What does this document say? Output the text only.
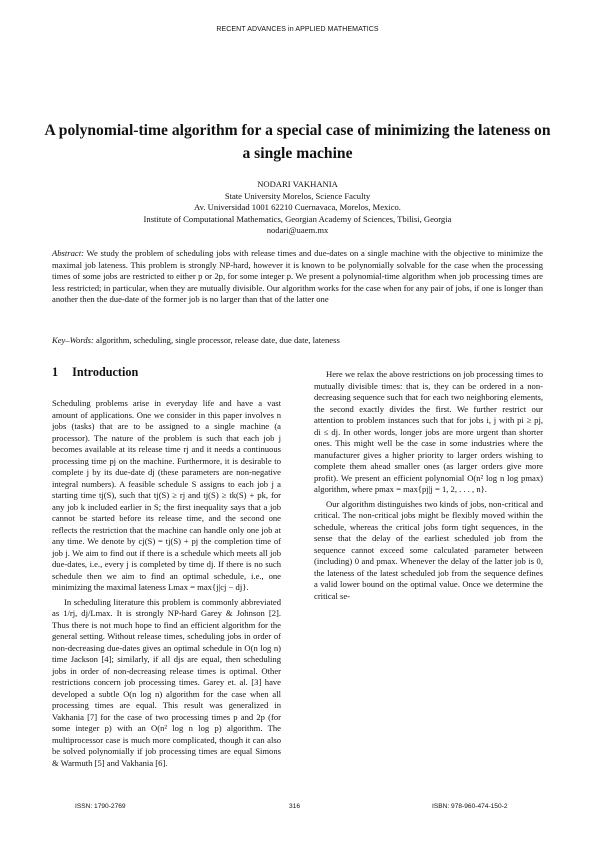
RECENT ADVANCES in APPLIED MATHEMATICS
A polynomial-time algorithm for a special case of minimizing the lateness on a single machine
NODARI VAKHANIA
State University Morelos, Science Faculty
Av. Universidad 1001 62210 Cuernavaca, Morelos, Mexico.
Institute of Computational Mathematics, Georgian Academy of Sciences, Tbilisi, Georgia
nodari@uaem.mx

Abstract: We study the problem of scheduling jobs with release times and due-dates on a single machine with the objective to minimize the maximal job lateness. This problem is strongly NP-hard, however it is known to be polynomially solvable for the case when the processing times of some jobs are restricted to either p or 2p, for some integer p. We present a polynomial-time algorithm when job processing times are less restricted; in particular, when they are mutually divisible. Our algorithm works for the case when for any pair of jobs, if one is longer than another then the due-date of the former job is no larger than that of the latter one

Key–Words: algorithm, scheduling, single processor, release date, due date, lateness

1 Introduction

Scheduling problems arise in everyday life and have a vast amount of applications. One we consider in this paper involves n jobs (tasks) that are to be assigned to a single machine (a processor). The nature of the problem is such that each job j becomes available at its release time rj and it needs a continuous processing time pj on the machine. Furthermore, it is desirable to complete j by its due-date dj (these parameters are non-negative integral numbers). A feasible schedule S assigns to each job j a starting time tj(S), such that tj(S) ≥ rj and tj(S) ≥ tk(S) + pk, for any job k included earlier in S; the first inequality says that a job cannot be started before its release time, and the second one reflects the restriction that the machine can handle only one job at any time. We denote by cj(S) = tj(S) + pj the completion time of job j. We aim to find out if there is a schedule which meets all job due-dates, i.e., every j is completed by time dj. If there is no such schedule then we aim to find an optimal schedule, i.e., one minimizing the maximal lateness Lmax = max{j|cj − dj}.

In scheduling literature this problem is commonly abbreviated as 1/rj, dj/Lmax. It is strongly NP-hard Garey & Johnson [2]. Thus there is not much hope to find an efficient algorithm for the general setting. Without release times, scheduling jobs in order of non-decreasing due-dates gives an optimal schedule in O(n log n) time Jackson [4]; similarly, if all djs are equal, then scheduling jobs in order of non-decreasing release times is optimal. Other restrictions concern job processing times. Garey et. al. [3] have developed a subtle O(n log n) algorithm for the case when all processing times are equal. This result was generalized in Vakhania [7] for the case of two processing times p and 2p (for some integer p) with an O(n² log n log p) algorithm. The multiprocessor case is much more complicated, though it can also be solved polynomially if job processing times are equal Simons & Warmuth [5] and Vakhania [6].

Here we relax the above restrictions on job processing times to mutually divisible times: that is, they can be ordered in a non-decreasing sequence such that for each two neighboring elements, the second exactly divides the first. We further restrict our attention to problem instances such that for jobs i, j with pi ≥ pj, di ≤ dj. In other words, longer jobs are more urgent than shorter ones. This might well be the case in some industries where the manufacturer gives a higher priority to larger orders wishing to complete them ahead smaller ones (as larger orders give more profit). We present an efficient polynomial O(n² log n log pmax) algorithm, where pmax = max{pj|j = 1, 2, . . . , n}.

Our algorithm distinguishes two kinds of jobs, non-critical and critical. The non-critical jobs might be flexibly moved within the schedule, whereas the critical jobs form tight sequences, in the sense that the delay of the earliest scheduled job from the sequence cannot exceed some calculated parameter between (including) 0 and pmax. Whenever the delay of the latter job is 0, the lateness of the latest scheduled job from the sequence defines a valid lower bound on the optimal value. Once we determine the critical se-

ISSN: 1790-2769	316	ISBN: 978-960-474-150-2
